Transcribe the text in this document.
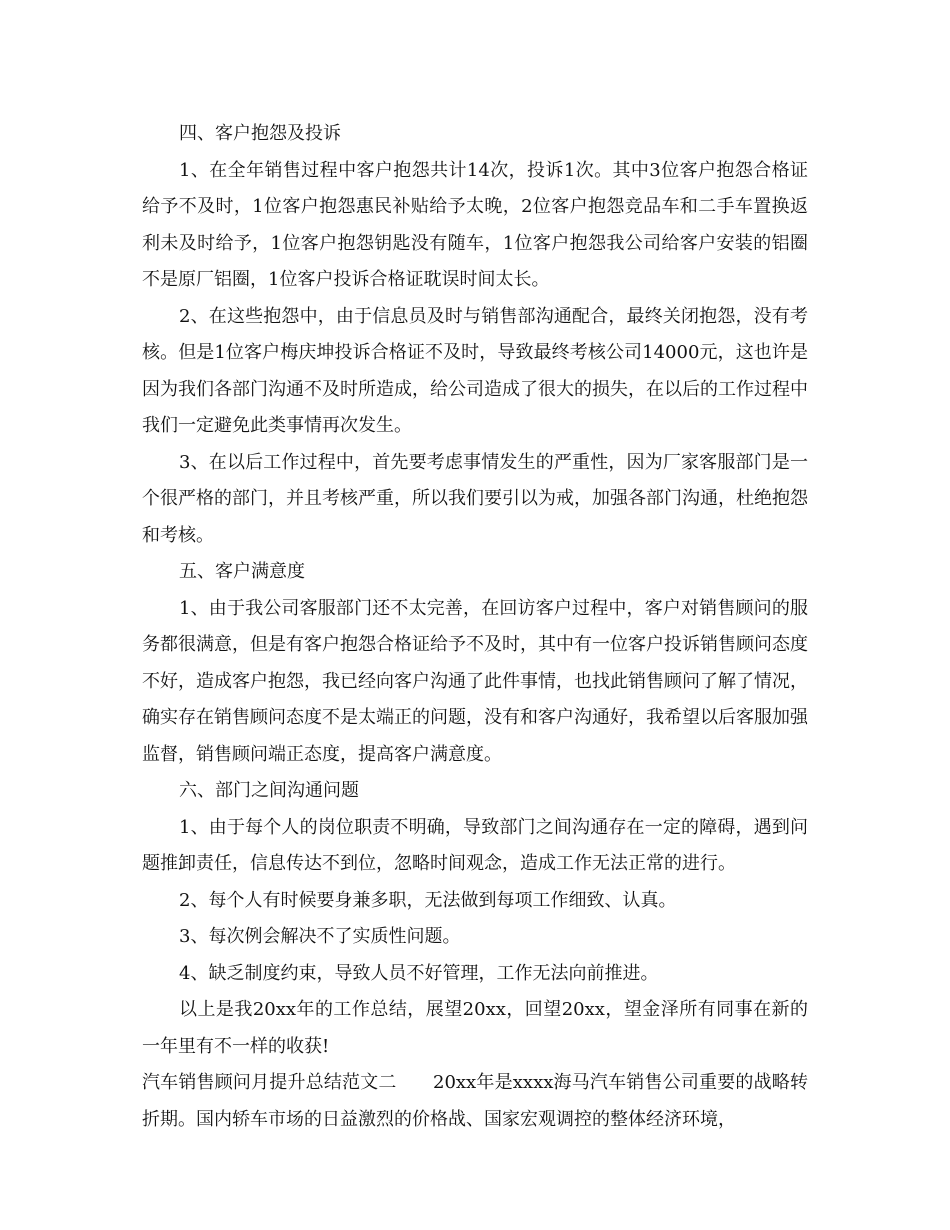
四、客户抱怨及投诉

1、在全年销售过程中客户抱怨共计14次，投诉1次。其中3位客户抱怨合格证给予不及时，1位客户抱怨惠民补贴给予太晚，2位客户抱怨竞品车和二手车置换返利未及时给予，1位客户抱怨钥匙没有随车，1位客户抱怨我公司给客户安装的铝圈不是原厂铝圈，1位客户投诉合格证耽误时间太长。

2、在这些抱怨中，由于信息员及时与销售部沟通配合，最终关闭抱怨，没有考核。但是1位客户梅庆坤投诉合格证不及时，导致最终考核公司14000元，这也许是因为我们各部门沟通不及时所造成，给公司造成了很大的损失，在以后的工作过程中我们一定避免此类事情再次发生。

3、在以后工作过程中，首先要考虑事情发生的严重性，因为厂家客服部门是一个很严格的部门，并且考核严重，所以我们要引以为戒，加强各部门沟通，杜绝抱怨和考核。

五、客户满意度

1、由于我公司客服部门还不太完善，在回访客户过程中，客户对销售顾问的服务都很满意，但是有客户抱怨合格证给予不及时，其中有一位客户投诉销售顾问态度不好，造成客户抱怨，我已经向客户沟通了此件事情，也找此销售顾问了解了情况，确实存在销售顾问态度不是太端正的问题，没有和客户沟通好，我希望以后客服加强监督，销售顾问端正态度，提高客户满意度。

六、部门之间沟通问题

1、由于每个人的岗位职责不明确，导致部门之间沟通存在一定的障碍，遇到问题推卸责任，信息传达不到位，忽略时间观念，造成工作无法正常的进行。

2、每个人有时候要身兼多职，无法做到每项工作细致、认真。

3、每次例会解决不了实质性问题。

4、缺乏制度约束，导致人员不好管理，工作无法向前推进。

以上是我20xx年的工作总结，展望20xx，回望20xx，望金泽所有同事在新的一年里有不一样的收获!

汽车销售顾问月提升总结范文二　　20xx年是xxxx海马汽车销售公司重要的战略转折期。国内轿车市场的日益激烈的价格战、国家宏观调控的整体经济环境，
